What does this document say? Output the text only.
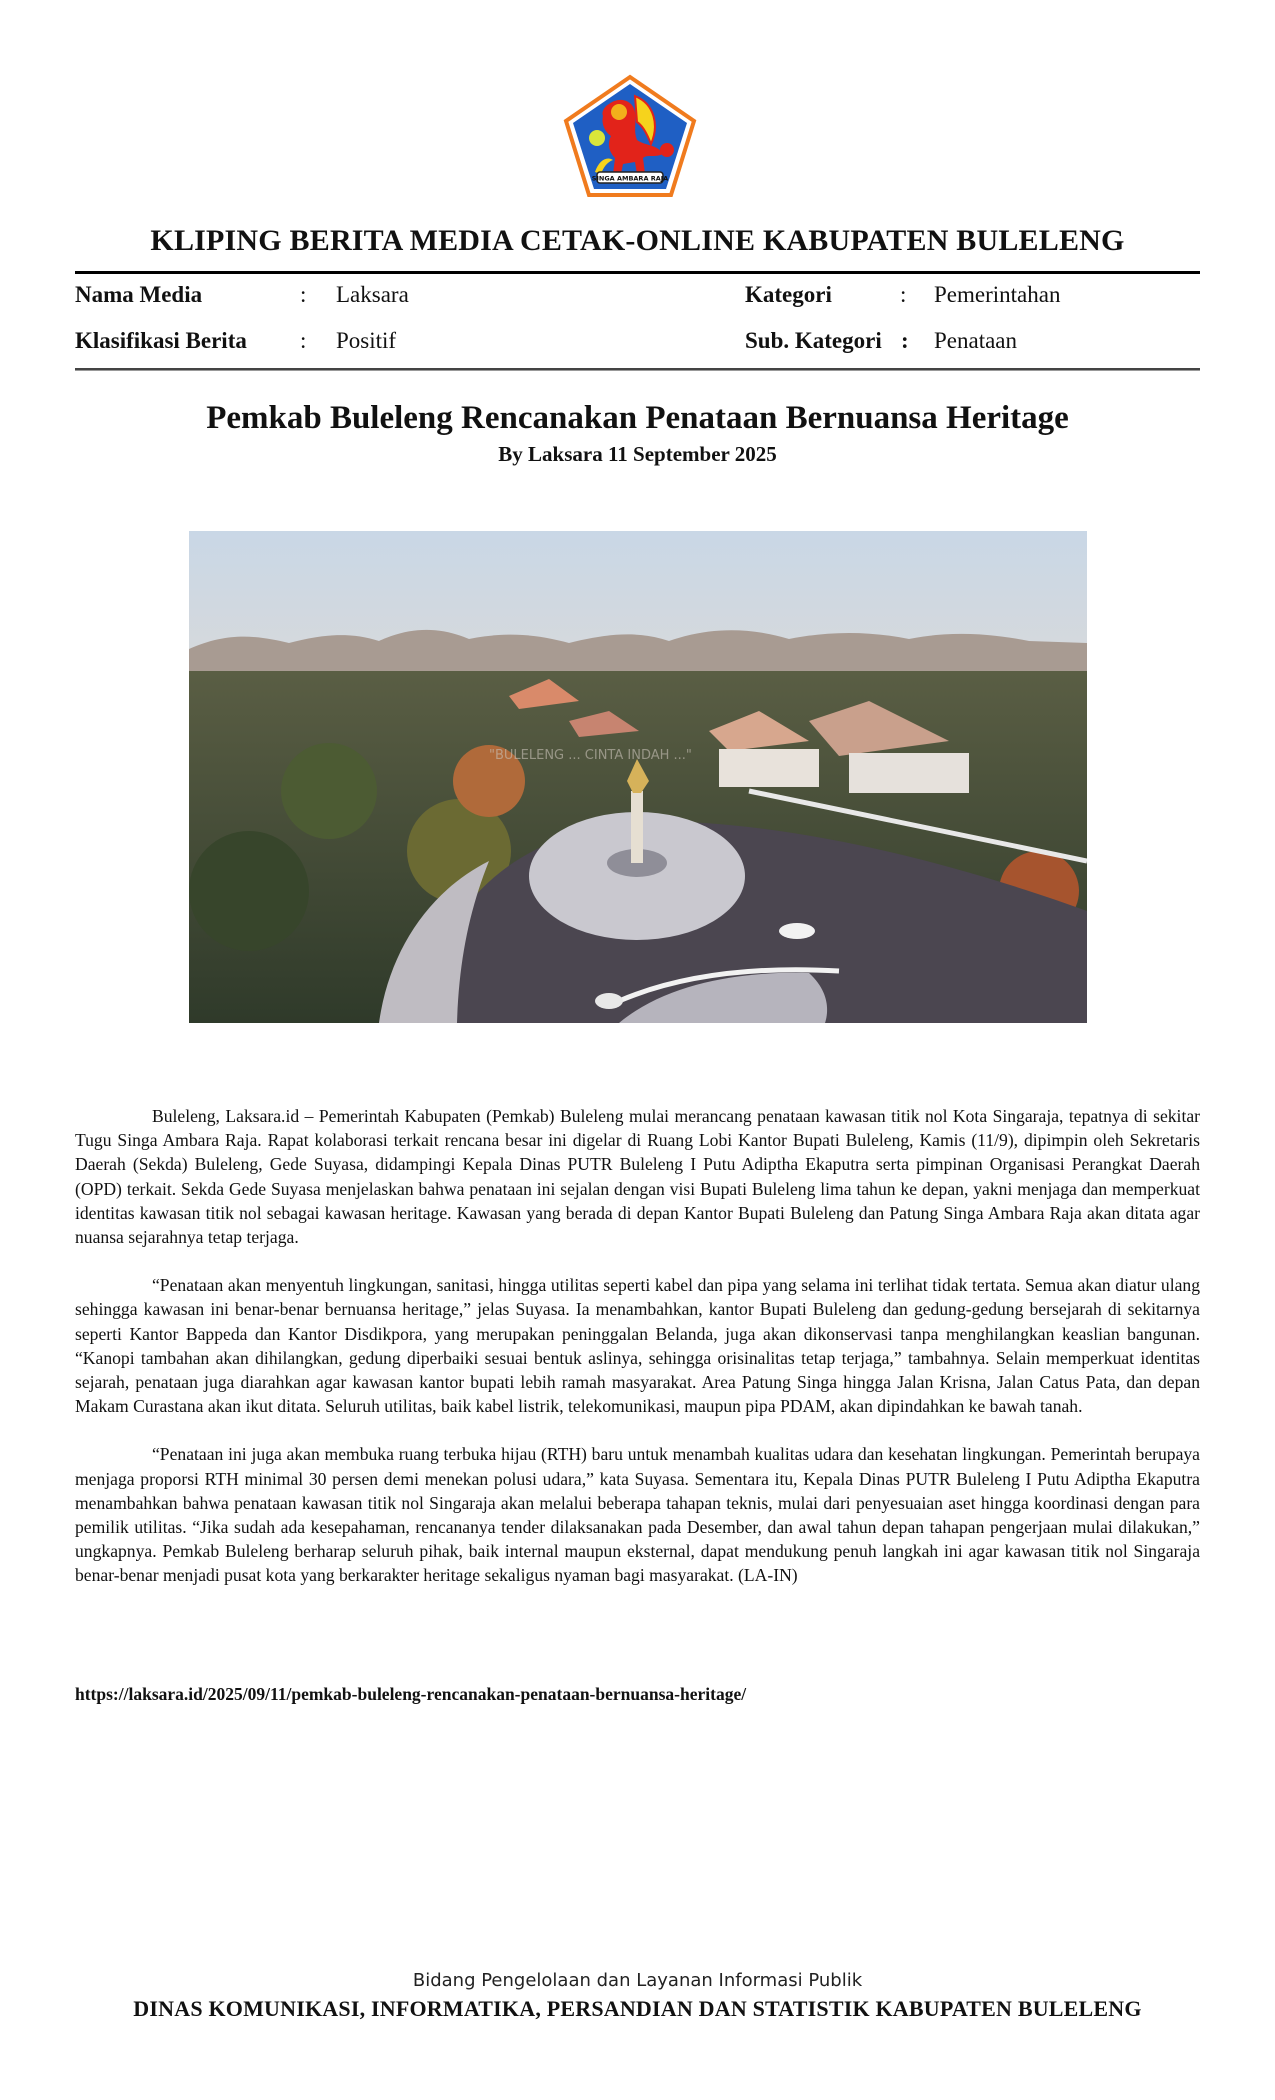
SINGA AMBARA RAJA
KLIPING BERITA MEDIA CETAK-ONLINE KABUPATEN BULELENG
Nama Media	: Laksara
Klasifikasi Berita : Positif
Kategori	: Pemerintahan
Sub. Kategori : Penataan
Pemkab Buleleng Rencanakan Penataan Bernuansa Heritage
By Laksara 11 September 2025
"BULELENG ... CINTA INDAH ..."

Buleleng, Laksara.id – Pemerintah Kabupaten (Pemkab) Buleleng mulai merancang penataan kawasan titik nol Kota Singaraja, tepatnya di sekitar Tugu Singa Ambara Raja. Rapat kolaborasi terkait rencana besar ini digelar di Ruang Lobi Kantor Bupati Buleleng, Kamis (11/9), dipimpin oleh Sekretaris Daerah (Sekda) Buleleng, Gede Suyasa, didampingi Kepala Dinas PUTR Buleleng I Putu Adiptha Ekaputra serta pimpinan Organisasi Perangkat Daerah (OPD) terkait. Sekda Gede Suyasa menjelaskan bahwa penataan ini sejalan dengan visi Bupati Buleleng lima tahun ke depan, yakni menjaga dan memperkuat identitas kawasan titik nol sebagai kawasan heritage. Kawasan yang berada di depan Kantor Bupati Buleleng dan Patung Singa Ambara Raja akan ditata agar nuansa sejarahnya tetap terjaga.

“Penataan akan menyentuh lingkungan, sanitasi, hingga utilitas seperti kabel dan pipa yang selama ini terlihat tidak tertata. Semua akan diatur ulang sehingga kawasan ini benar-benar bernuansa heritage,” jelas Suyasa. Ia menambahkan, kantor Bupati Buleleng dan gedung-gedung bersejarah di sekitarnya seperti Kantor Bappeda dan Kantor Disdikpora, yang merupakan peninggalan Belanda, juga akan dikonservasi tanpa menghilangkan keaslian bangunan. “Kanopi tambahan akan dihilangkan, gedung diperbaiki sesuai bentuk aslinya, sehingga orisinalitas tetap terjaga,” tambahnya. Selain memperkuat identitas sejarah, penataan juga diarahkan agar kawasan kantor bupati lebih ramah masyarakat. Area Patung Singa hingga Jalan Krisna, Jalan Catus Pata, dan depan Makam Curastana akan ikut ditata. Seluruh utilitas, baik kabel listrik, telekomunikasi, maupun pipa PDAM, akan dipindahkan ke bawah tanah.

“Penataan ini juga akan membuka ruang terbuka hijau (RTH) baru untuk menambah kualitas udara dan kesehatan lingkungan. Pemerintah berupaya menjaga proporsi RTH minimal 30 persen demi menekan polusi udara,” kata Suyasa. Sementara itu, Kepala Dinas PUTR Buleleng I Putu Adiptha Ekaputra menambahkan bahwa penataan kawasan titik nol Singaraja akan melalui beberapa tahapan teknis, mulai dari penyesuaian aset hingga koordinasi dengan para pemilik utilitas. “Jika sudah ada kesepahaman, rencananya tender dilaksanakan pada Desember, dan awal tahun depan tahapan pengerjaan mulai dilakukan,” ungkapnya. Pemkab Buleleng berharap seluruh pihak, baik internal maupun eksternal, dapat mendukung penuh langkah ini agar kawasan titik nol Singaraja benar-benar menjadi pusat kota yang berkarakter heritage sekaligus nyaman bagi masyarakat. (LA-IN)

https://laksara.id/2025/09/11/pemkab-buleleng-rencanakan-penataan-bernuansa-heritage/
Bidang Pengelolaan dan Layanan Informasi Publik
DINAS KOMUNIKASI, INFORMATIKA, PERSANDIAN DAN STATISTIK KABUPATEN BULELENG
